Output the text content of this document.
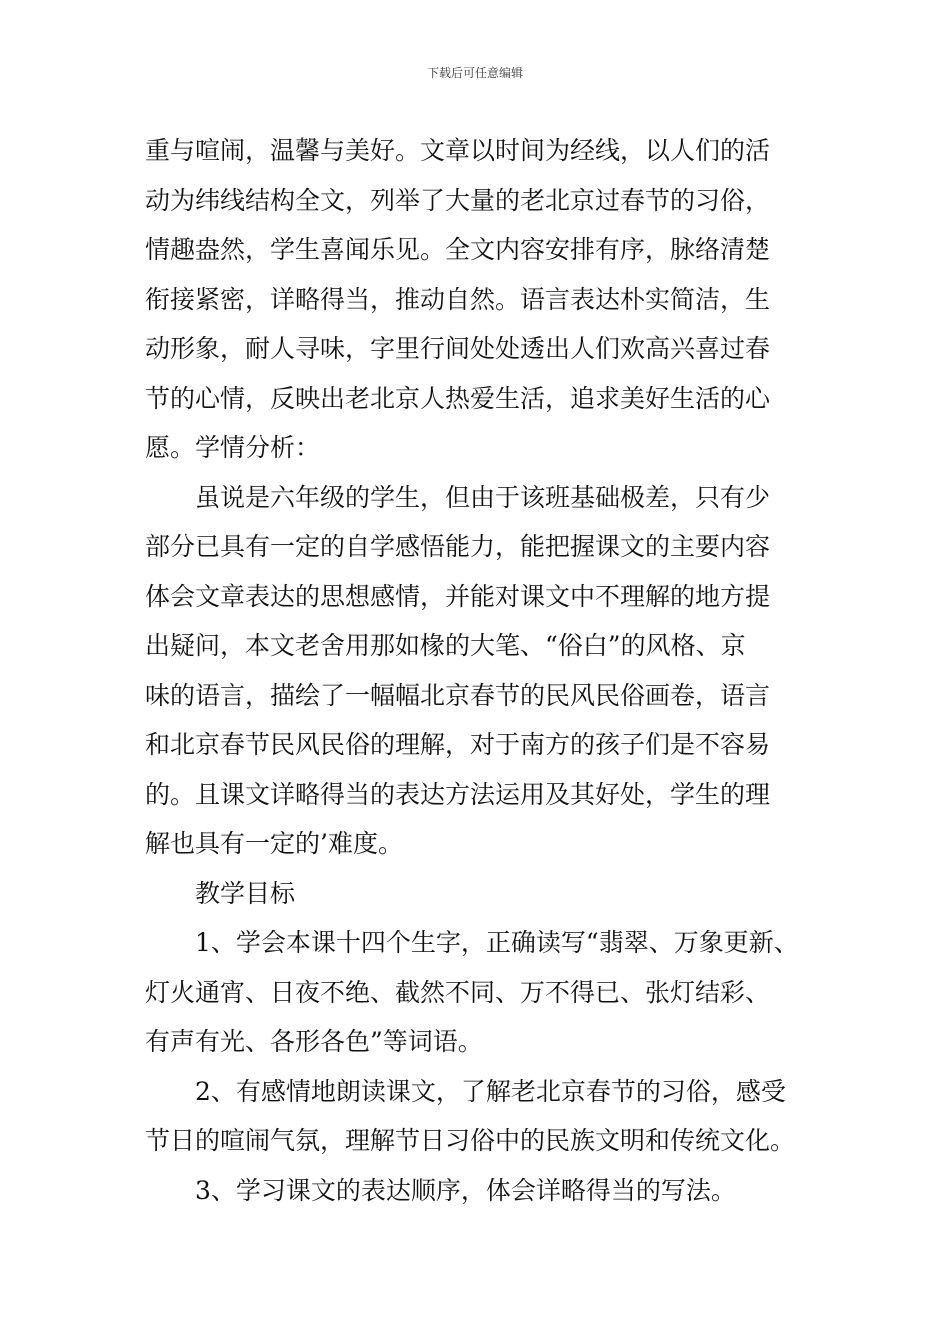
下载后可任意编辑
重与喧闹，温馨与美好。文章以时间为经线，以人们的活
动为纬线结构全文，列举了大量的老北京过春节的习俗，
情趣盎然，学生喜闻乐见。全文内容安排有序，脉络清楚
衔接紧密，详略得当，推动自然。语言表达朴实简洁，生
动形象，耐人寻味，字里行间处处透出人们欢高兴喜过春
节的心情，反映出老北京人热爱生活，追求美好生活的心
愿。学情分析：
虽说是六年级的学生，但由于该班基础极差，只有少
部分已具有一定的自学感悟能力，能把握课文的主要内容
体会文章表达的思想感情，并能对课文中不理解的地方提
出疑问，本文老舍用那如椽的大笔、“俗白”的风格、京
味的语言，描绘了一幅幅北京春节的民风民俗画卷，语言
和北京春节民风民俗的理解，对于南方的孩子们是不容易
的。且课文详略得当的表达方法运用及其好处，学生的理
解也具有一定的’难度。
教学目标
1、学会本课十四个生字，正确读写“翡翠、万象更新、
灯火通宵、日夜不绝、截然不同、万不得已、张灯结彩、
有声有光、各形各色”等词语。
2、有感情地朗读课文，了解老北京春节的习俗，感受
节日的喧闹气氛，理解节日习俗中的民族文明和传统文化。
3、学习课文的表达顺序，体会详略得当的写法。
